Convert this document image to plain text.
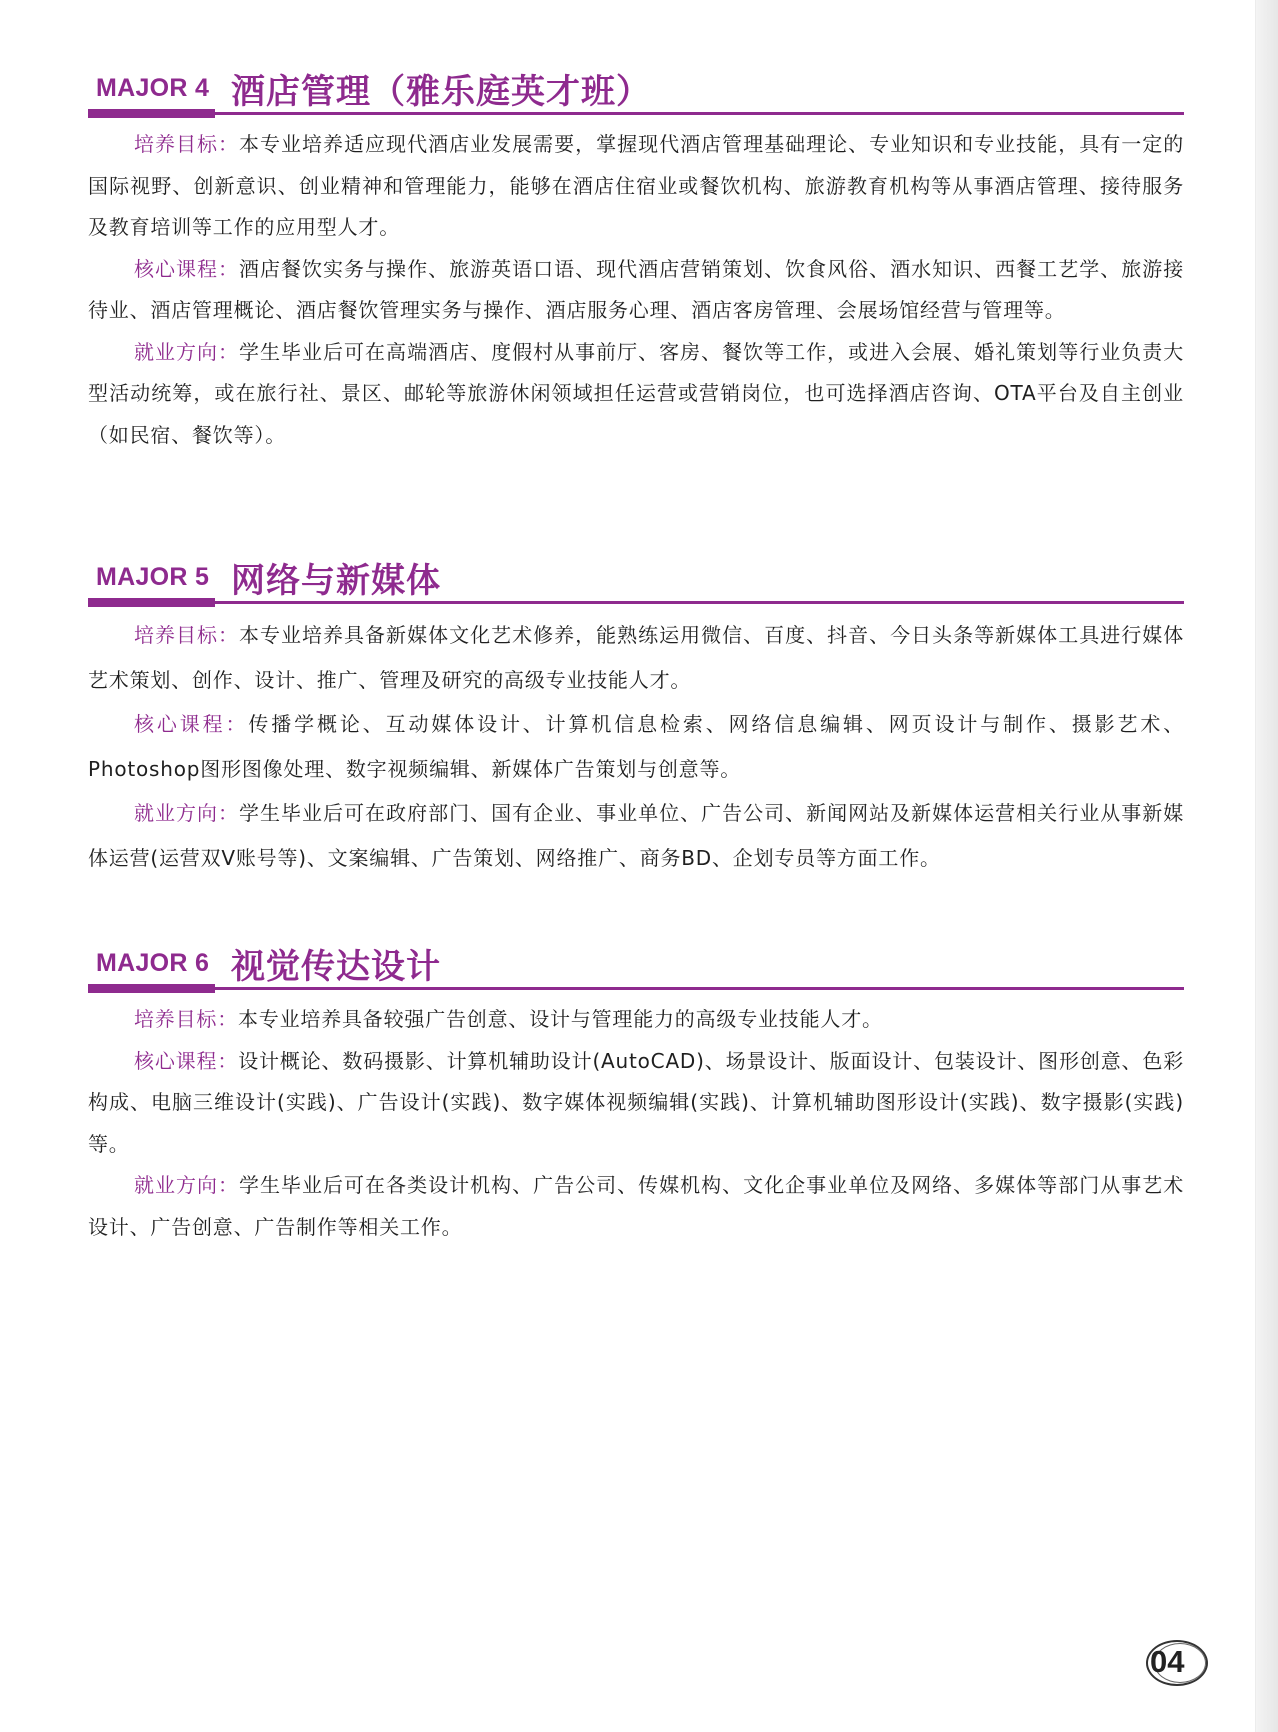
MAJOR 4 酒店管理（雅乐庭英才班）

培养目标：本专业培养适应现代酒店业发展需要，掌握现代酒店管理基础理论、专业知识和专业技能，具有一定的国际视野、创新意识、创业精神和管理能力，能够在酒店住宿业或餐饮机构、旅游教育机构等从事酒店管理、接待服务及教育培训等工作的应用型人才。

核心课程：酒店餐饮实务与操作、旅游英语口语、现代酒店营销策划、饮食风俗、酒水知识、西餐工艺学、旅游接待业、酒店管理概论、酒店餐饮管理实务与操作、酒店服务心理、酒店客房管理、会展场馆经营与管理等。

就业方向：学生毕业后可在高端酒店、度假村从事前厅、客房、餐饮等工作，或进入会展、婚礼策划等行业负责大型活动统筹，或在旅行社、景区、邮轮等旅游休闲领域担任运营或营销岗位，也可选择酒店咨询、OTA平台及自主创业（如民宿、餐饮等）。

MAJOR 5 网络与新媒体

培养目标：本专业培养具备新媒体文化艺术修养，能熟练运用微信、百度、抖音、今日头条等新媒体工具进行媒体艺术策划、创作、设计、推广、管理及研究的高级专业技能人才。

核心课程：传播学概论、互动媒体设计、计算机信息检索、网络信息编辑、网页设计与制作、摄影艺术、Photoshop图形图像处理、数字视频编辑、新媒体广告策划与创意等。

就业方向：学生毕业后可在政府部门、国有企业、事业单位、广告公司、新闻网站及新媒体运营相关行业从事新媒体运营(运营双V账号等)、文案编辑、广告策划、网络推广、商务BD、企划专员等方面工作。

MAJOR 6 视觉传达设计

培养目标：本专业培养具备较强广告创意、设计与管理能力的高级专业技能人才。

核心课程：设计概论、数码摄影、计算机辅助设计(AutoCAD)、场景设计、版面设计、包装设计、图形创意、色彩构成、电脑三维设计(实践)、广告设计(实践)、数字媒体视频编辑(实践)、计算机辅助图形设计(实践)、数字摄影(实践)等。

就业方向：学生毕业后可在各类设计机构、广告公司、传媒机构、文化企事业单位及网络、多媒体等部门从事艺术设计、广告创意、广告制作等相关工作。

04
